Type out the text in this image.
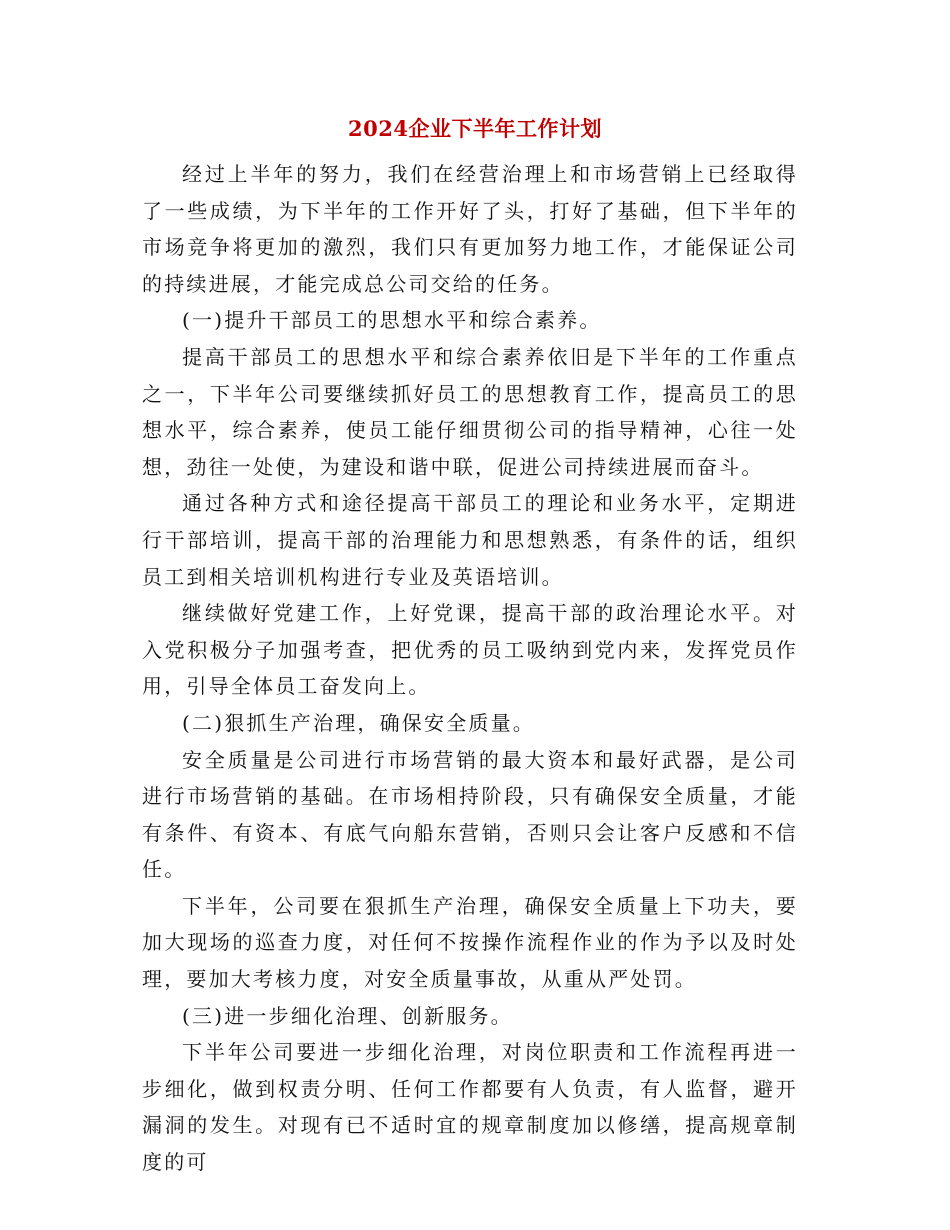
2024企业下半年工作计划

经过上半年的努力，我们在经营治理上和市场营销上已经取得了一些成绩，为下半年的工作开好了头，打好了基础，但下半年的市场竞争将更加的激烈，我们只有更加努力地工作，才能保证公司的持续进展，才能完成总公司交给的任务。

(一)提升干部员工的思想水平和综合素养。

提高干部员工的思想水平和综合素养依旧是下半年的工作重点之一，下半年公司要继续抓好员工的思想教育工作，提高员工的思想水平，综合素养，使员工能仔细贯彻公司的指导精神，心往一处想，劲往一处使，为建设和谐中联，促进公司持续进展而奋斗。

通过各种方式和途径提高干部员工的理论和业务水平，定期进行干部培训，提高干部的治理能力和思想熟悉，有条件的话，组织员工到相关培训机构进行专业及英语培训。

继续做好党建工作，上好党课，提高干部的政治理论水平。对入党积极分子加强考查，把优秀的员工吸纳到党内来，发挥党员作用，引导全体员工奋发向上。

(二)狠抓生产治理，确保安全质量。

安全质量是公司进行市场营销的最大资本和最好武器，是公司进行市场营销的基础。在市场相持阶段，只有确保安全质量，才能有条件、有资本、有底气向船东营销，否则只会让客户反感和不信任。

下半年，公司要在狠抓生产治理，确保安全质量上下功夫，要加大现场的巡查力度，对任何不按操作流程作业的作为予以及时处理，要加大考核力度，对安全质量事故，从重从严处罚。

(三)进一步细化治理、创新服务。

下半年公司要进一步细化治理，对岗位职责和工作流程再进一步细化，做到权责分明、任何工作都要有人负责，有人监督，避开漏洞的发生。对现有已不适时宜的规章制度加以修缮，提高规章制度的可
